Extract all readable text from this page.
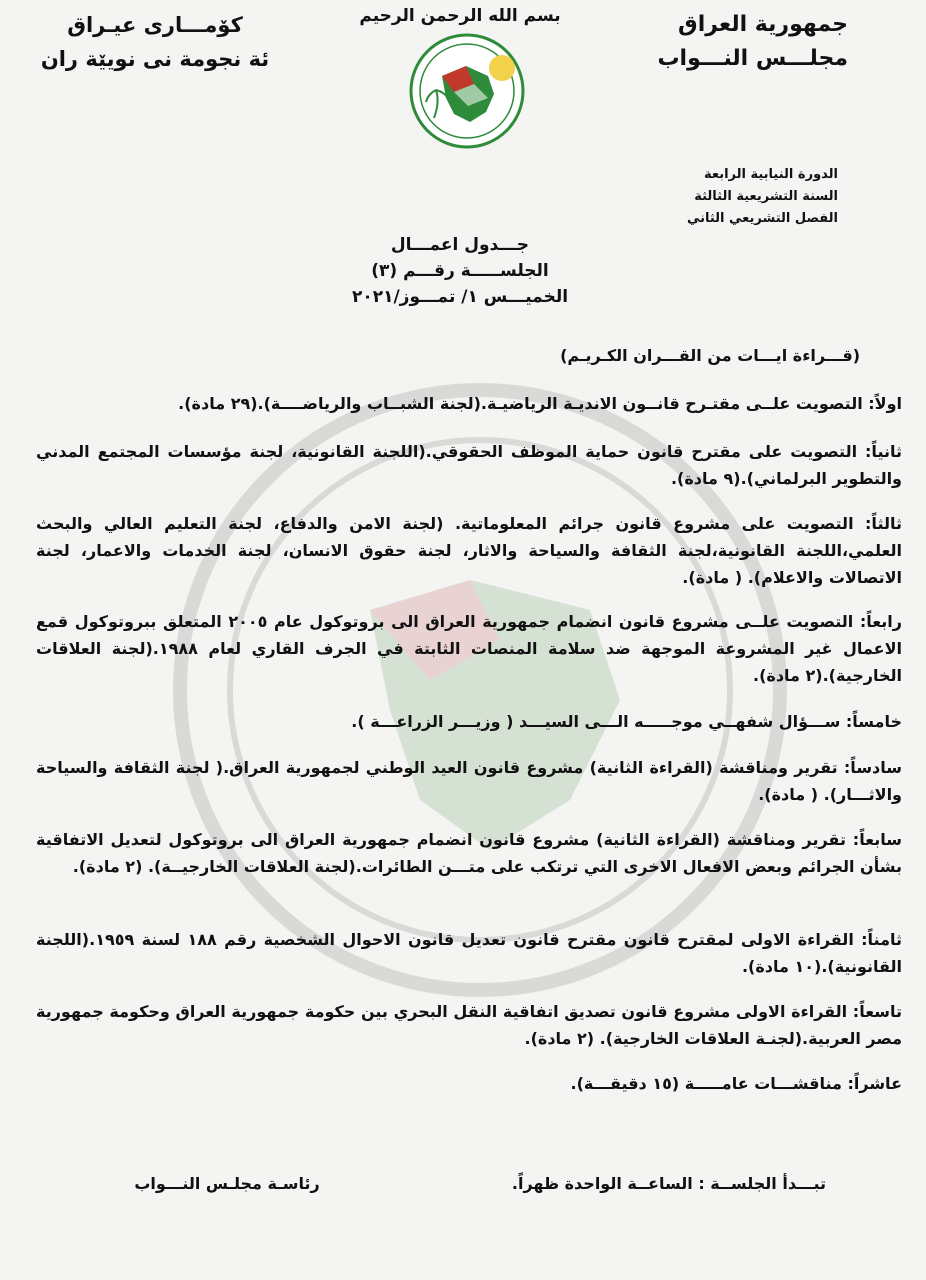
جمهورية العراق
مجلـــس النـــواب
كۆمـــارى عيـراق
ئة نجومة نى نويێة ران
بسم الله الرحمن الرحيم
الدورة النيابية الرابعة
السنة التشريعية الثالثة
الفصل التشريعي الثاني
جـــدول اعمـــال
الجلســـــة رقـــم (٣)
الخميـــس ١/ تمـــوز/٢٠٢١
(قـــراءة ايـــات من القـــران الكـريـم)

اولاً: التصويت علــى مقتـرح قانــون الانديـة الرياضيـة.(لجنة الشبــاب والرياضــــة).(٢٩ مادة).

ثانياً: التصويت على مقترح قانون حماية الموظف الحقوقي.(اللجنة القانونية، لجنة مؤسسات المجتمع المدني والتطوير البرلماني).(٩ مادة).

ثالثاً: التصويت على مشروع قانون جرائم المعلوماتية. (لجنة الامن والدفاع، لجنة التعليم العالي والبحث العلمي،اللجنة القانونية،لجنة الثقافة والسياحة والاثار، لجنة حقوق الانسان، لجنة الخدمات والاعمار، لجنة الاتصالات والاعلام). ( مادة).

رابعاً: التصويت علــى مشروع قانون انضمام جمهورية العراق الى بروتوكول عام ٢٠٠٥ المتعلق ببروتوكول قمع الاعمال غير المشروعة الموجهة ضد سلامة المنصات الثابتة في الجرف القاري لعام ١٩٨٨.(لجنة العلاقات الخارجية).(٢ مادة).

خامساً: ســـؤال شفهــي موجـــــه الـــى السيـــد ( وزيـــر الزراعـــة ).

سادساً: تقرير ومناقشة (القراءة الثانية) مشروع قانون العيد الوطني لجمهورية العراق.( لجنة الثقافة والسياحة والاثـــار). ( مادة).

سابعاً: تقرير ومناقشة (القراءة الثانية) مشروع قانون انضمام جمهورية العراق الى بروتوكول لتعديل الاتفاقية بشأن الجرائم وبعض الافعال الاخرى التي ترتكب على متـــن الطائرات.(لجنة العلاقات الخارجيــة). (٢ مادة).

ثامناً: القراءة الاولى لمقترح قانون مقترح قانون تعديل قانون الاحوال الشخصية رقم ١٨٨ لسنة ١٩٥٩.(اللجنة القانونية).(١٠ مادة).

تاسعاً: القراءة الاولى مشروع قانون تصديق اتفاقية النقل البحري بين حكومة جمهورية العراق وحكومة جمهورية مصر العربية.(لجنـة العلاقات الخارجية). (٢ مادة).

عاشراً: مناقشـــات عامـــــة (١٥ دقيقـــة).

تبـــدأ الجلســة : الساعــة الواحدة ظهراً.
رئاسـة مجلـس النـــواب
